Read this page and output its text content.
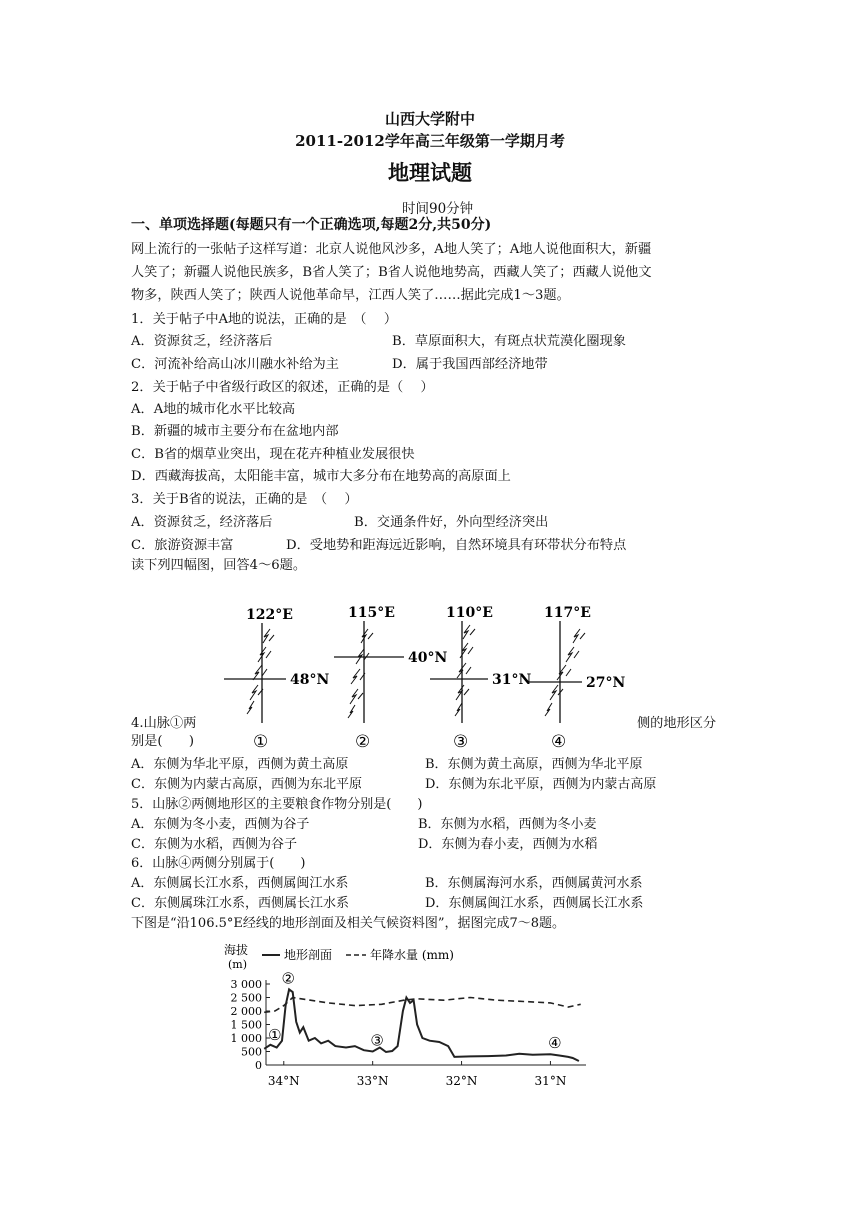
山西大学附中
2011-2012学年高三年级第一学期月考
地理试题
时间90分钟
一、单项选择题(每题只有一个正确选项,每题2分,共50分)
网上流行的一张帖子这样写道：北京人说他风沙多，A地人笑了；A地人说他面积大，新疆
人笑了；新疆人说他民族多，B省人笑了；B省人说他地势高，西藏人笑了；西藏人说他文
物多，陕西人笑了；陕西人说他革命早，江西人笑了……据此完成1～3题。
1．关于帖子中A地的说法，正确的是　（　 ）
A．资源贫乏，经济落后	B．草原面积大，有斑点状荒漠化圈现象
C．河流补给高山冰川融水补给为主	D．属于我国西部经济地带
2．关于帖子中省级行政区的叙述，正确的是（　 ）
A．A地的城市化水平比较高
B．新疆的城市主要分布在盆地内部
C．B省的烟草业突出，现在花卉种植业发展很快
D．西藏海拔高，太阳能丰富，城市大多分布在地势高的高原面上
3．关于B省的说法，正确的是　（　 ）
A．资源贫乏，经济落后	B．交通条件好，外向型经济突出
C．旅游资源丰富	D．受地势和距海远近影响，自然环境具有环带状分布特点
读下列四幅图，回答4～6题。
122°E
48°N
①
115°E
40°N
②
110°E
31°N
③
117°E
27°N
④
4.山脉①两	侧的地形区分
别是(　　)
A．东侧为华北平原，西侧为黄土高原	B．东侧为黄土高原，西侧为华北平原
C．东侧为内蒙古高原，西侧为东北平原	D．东侧为东北平原，西侧为内蒙古高原
5．山脉②两侧地形区的主要粮食作物分别是(　　)
A．东侧为冬小麦，西侧为谷子	B．东侧为水稻，西侧为冬小麦
C．东侧为水稻，西侧为谷子	D．东侧为春小麦，西侧为水稻
6．山脉④两侧分别属于(　　)
A．东侧属长江水系，西侧属闽江水系	B．东侧属海河水系，西侧属黄河水系
C．东侧属珠江水系，西侧属长江水系	D．东侧属闽江水系，西侧属长江水系
下图是“沿106.5°E经线的地形剖面及相关气候资料图”，据图完成7～8题。
海拔
(m)
地形剖面	年降水量 (mm)
3 000
2 500
2 000
1 500
1 000
500
0
34°N	33°N	32°N	31°N
①
②
③	④
